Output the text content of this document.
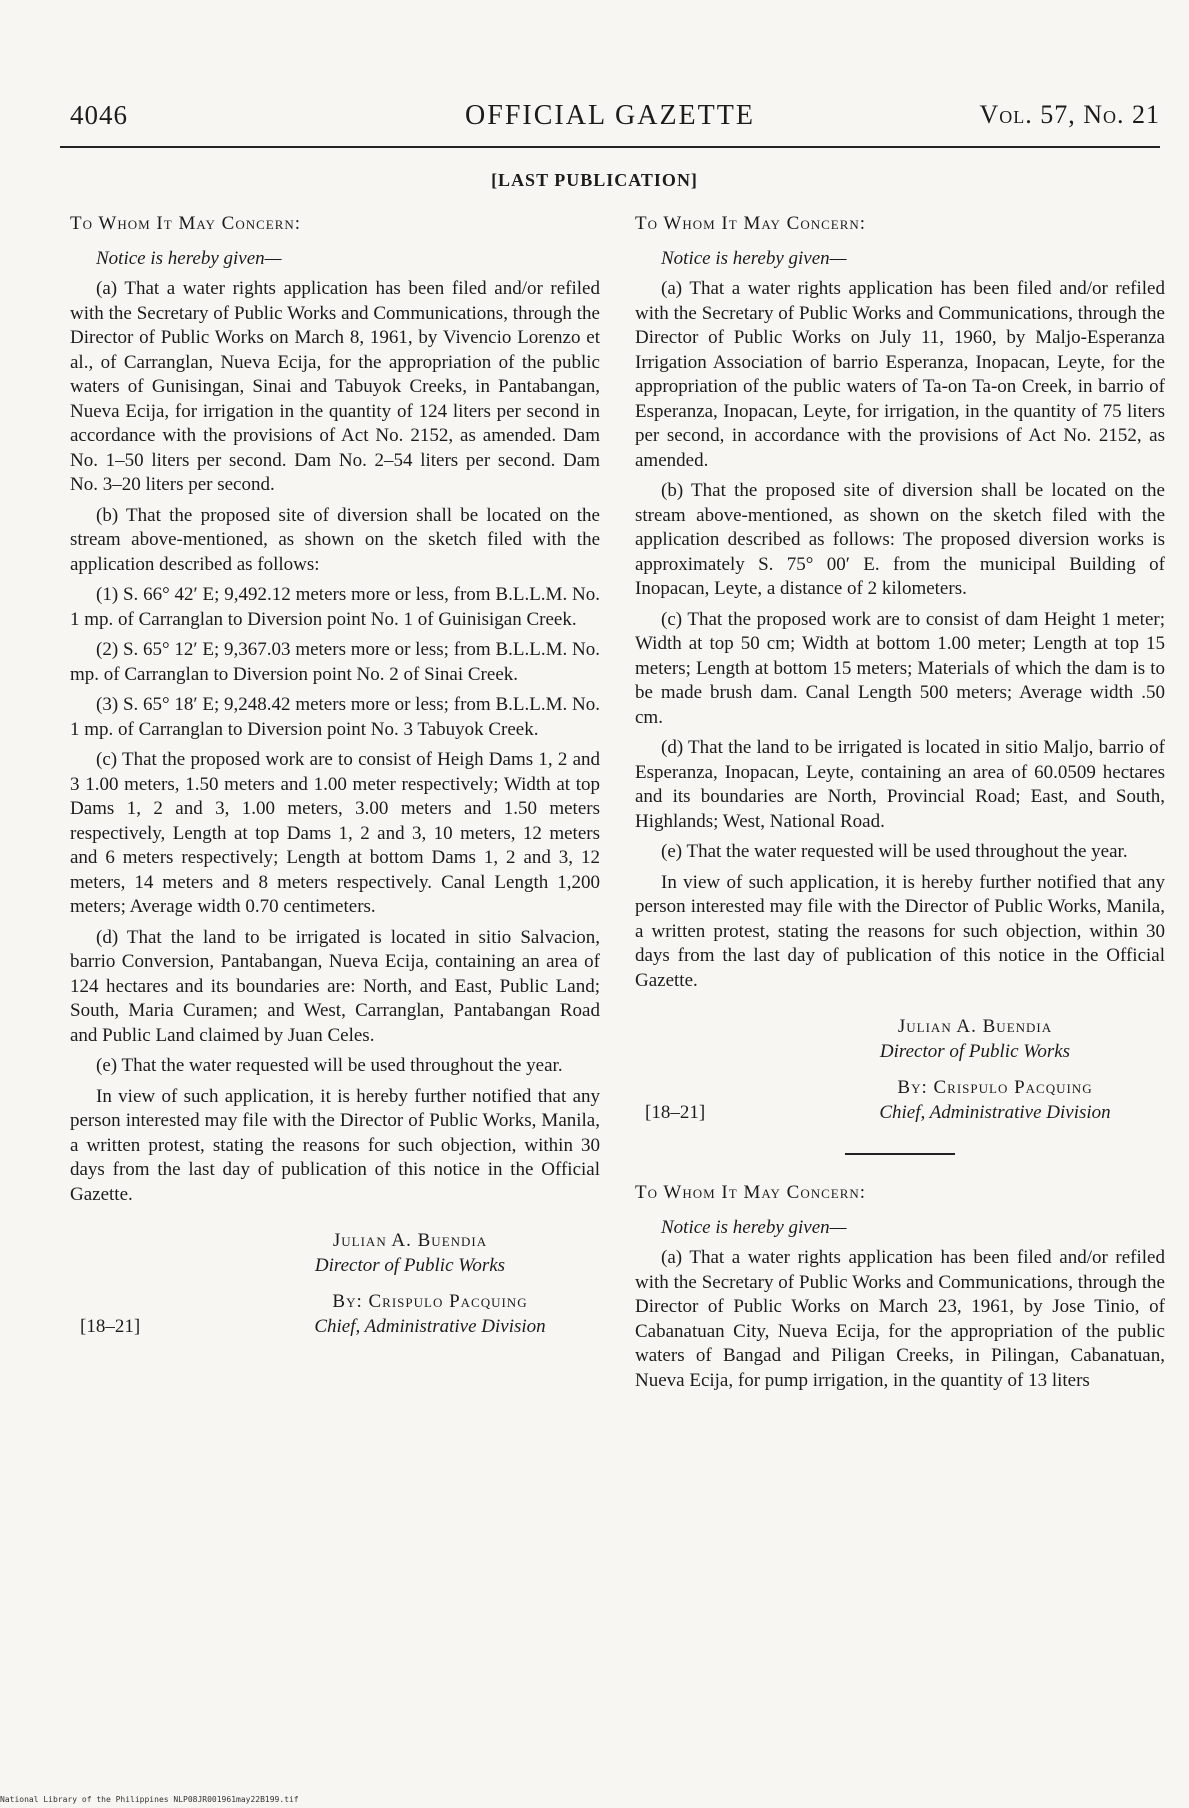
4046	OFFICIAL GAZETTE	Vol. 57, No. 21
[LAST PUBLICATION]

To Whom It May Concern:

Notice is hereby given—

(a) That a water rights application has been filed and/or refiled with the Secretary of Public Works and Communications, through the Director of Public Works on March 8, 1961, by Vivencio Lorenzo et al., of Carranglan, Nueva Ecija, for the appropriation of the public waters of Gunisingan, Sinai and Tabuyok Creeks, in Pantabangan, Nueva Ecija, for irrigation in the quantity of 124 liters per second in accordance with the provisions of Act No. 2152, as amended. Dam No. 1–50 liters per second. Dam No. 2–54 liters per second. Dam No. 3–20 liters per second.

(b) That the proposed site of diversion shall be located on the stream above-mentioned, as shown on the sketch filed with the application described as follows:

(1) S. 66° 42′ E; 9,492.12 meters more or less, from B.L.L.M. No. 1 mp. of Carranglan to Diversion point No. 1 of Guinisigan Creek.

(2) S. 65° 12′ E; 9,367.03 meters more or less; from B.L.L.M. No. mp. of Carranglan to Diversion point No. 2 of Sinai Creek.

(3) S. 65° 18′ E; 9,248.42 meters more or less; from B.L.L.M. No. 1 mp. of Carranglan to Diversion point No. 3 Tabuyok Creek.

(c) That the proposed work are to consist of Heigh Dams 1, 2 and 3 1.00 meters, 1.50 meters and 1.00 meter respectively; Width at top Dams 1, 2 and 3, 1.00 meters, 3.00 meters and 1.50 meters respectively, Length at top Dams 1, 2 and 3, 10 meters, 12 meters and 6 meters respectively; Length at bottom Dams 1, 2 and 3, 12 meters, 14 meters and 8 meters respectively. Canal Length 1,200 meters; Average width 0.70 centimeters.

(d) That the land to be irrigated is located in sitio Salvacion, barrio Conversion, Pantabangan, Nueva Ecija, containing an area of 124 hectares and its boundaries are: North, and East, Public Land; South, Maria Curamen; and West, Carranglan, Pantabangan Road and Public Land claimed by Juan Celes.

(e) That the water requested will be used throughout the year.

In view of such application, it is hereby further notified that any person interested may file with the Director of Public Works, Manila, a written protest, stating the reasons for such objection, within 30 days from the last day of publication of this notice in the Official Gazette.

Julian A. Buendia
Director of Public Works
[18–21]
By: Crispulo Pacquing
Chief, Administrative Division

To Whom It May Concern:

Notice is hereby given—

(a) That a water rights application has been filed and/or refiled with the Secretary of Public Works and Communications, through the Director of Public Works on July 11, 1960, by Maljo-Esperanza Irrigation Association of barrio Esperanza, Inopacan, Leyte, for the appropriation of the public waters of Ta-on Ta-on Creek, in barrio of Esperanza, Inopacan, Leyte, for irrigation, in the quantity of 75 liters per second, in accordance with the provisions of Act No. 2152, as amended.

(b) That the proposed site of diversion shall be located on the stream above-mentioned, as shown on the sketch filed with the application described as follows: The proposed diversion works is approximately S. 75° 00′ E. from the municipal Building of Inopacan, Leyte, a distance of 2 kilometers.

(c) That the proposed work are to consist of dam Height 1 meter; Width at top 50 cm; Width at bottom 1.00 meter; Length at top 15 meters; Length at bottom 15 meters; Materials of which the dam is to be made brush dam. Canal Length 500 meters; Average width .50 cm.

(d) That the land to be irrigated is located in sitio Maljo, barrio of Esperanza, Inopacan, Leyte, containing an area of 60.0509 hectares and its boundaries are North, Provincial Road; East, and South, Highlands; West, National Road.

(e) That the water requested will be used throughout the year.

In view of such application, it is hereby further notified that any person interested may file with the Director of Public Works, Manila, a written protest, stating the reasons for such objection, within 30 days from the last day of publication of this notice in the Official Gazette.

Julian A. Buendia
Director of Public Works
[18–21]
By: Crispulo Pacquing
Chief, Administrative Division

To Whom It May Concern:

Notice is hereby given—

(a) That a water rights application has been filed and/or refiled with the Secretary of Public Works and Communications, through the Director of Public Works on March 23, 1961, by Jose Tinio, of Cabanatuan City, Nueva Ecija, for the appropriation of the public waters of Bangad and Piligan Creeks, in Pilingan, Cabanatuan, Nueva Ecija, for pump irrigation, in the quantity of 13 liters

National Library of the Philippines NLP08JR001961may22B199.tif
